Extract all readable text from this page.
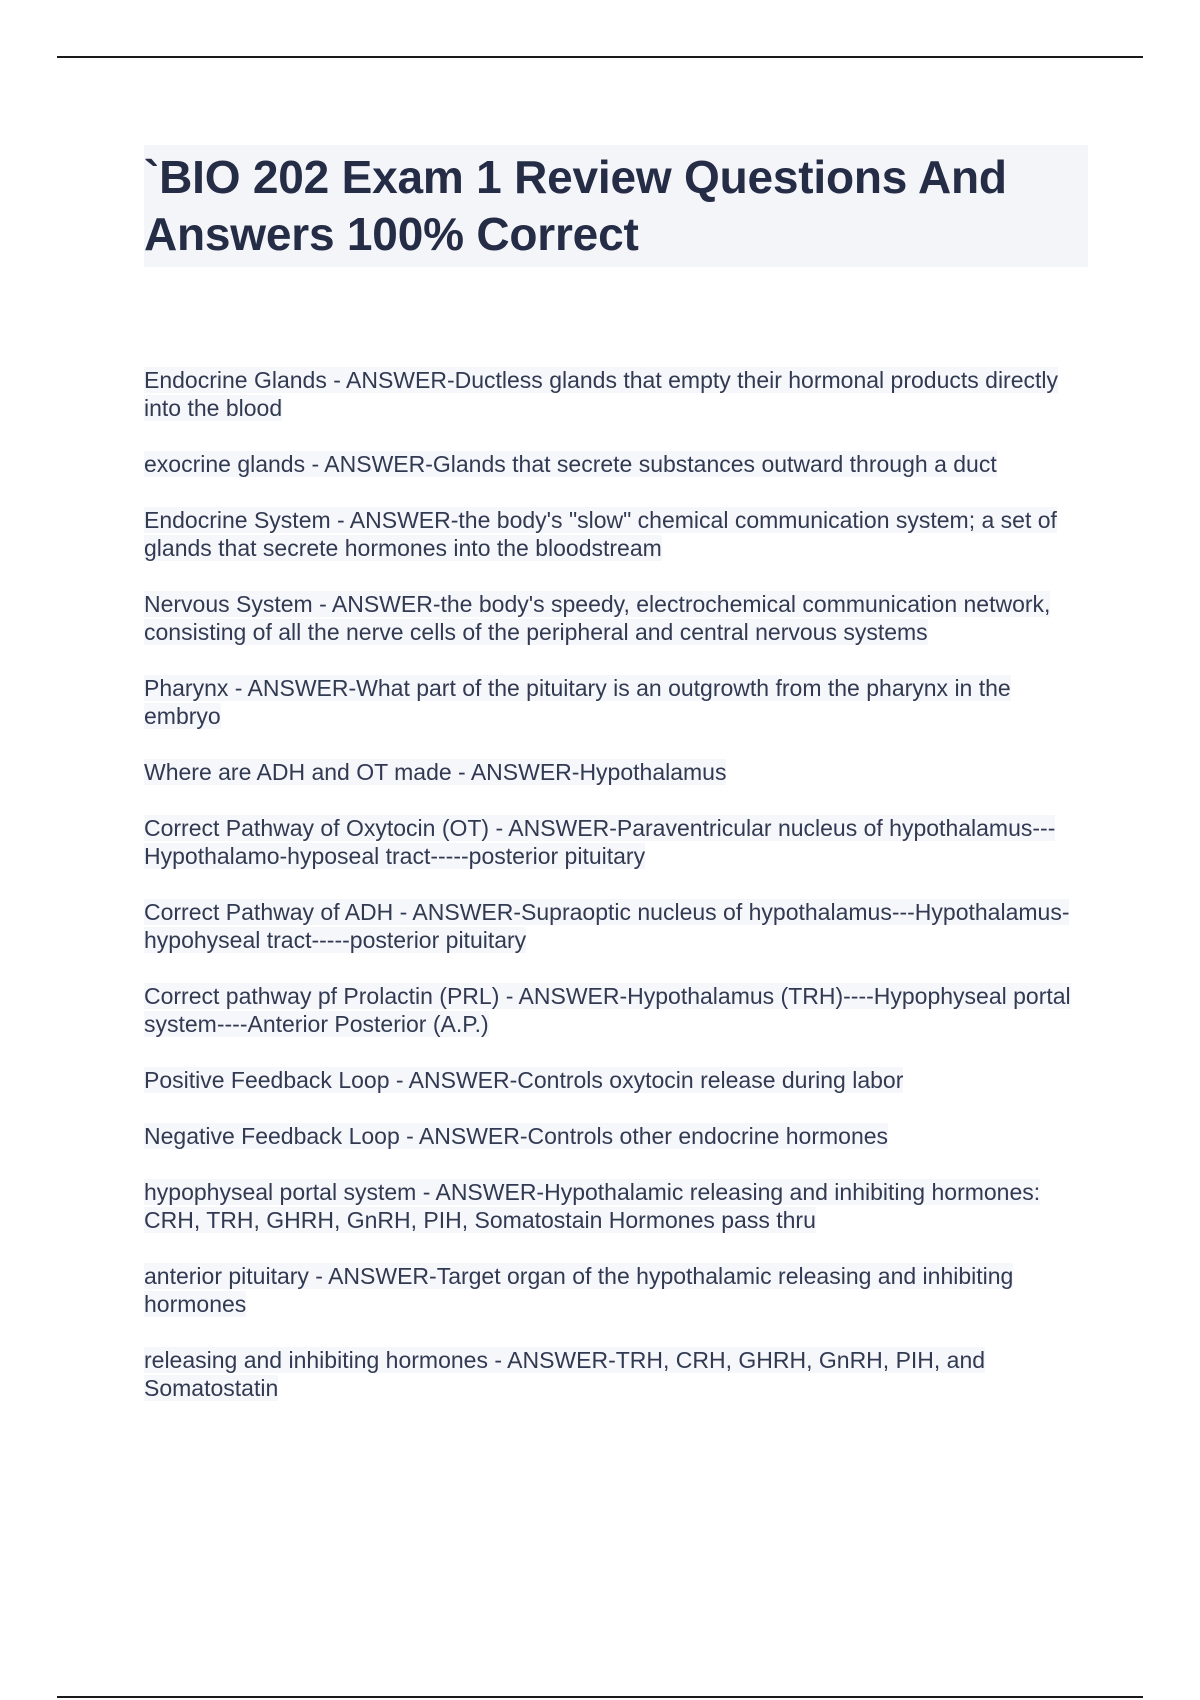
`BIO 202 Exam 1 Review Questions And Answers 100% Correct
Endocrine Glands - ANSWER-Ductless glands that empty their hormonal products directly into the blood
exocrine glands - ANSWER-Glands that secrete substances outward through a duct
Endocrine System - ANSWER-the body's "slow" chemical communication system; a set of glands that secrete hormones into the bloodstream
Nervous System - ANSWER-the body's speedy, electrochemical communication network, consisting of all the nerve cells of the peripheral and central nervous systems
Pharynx - ANSWER-What part of the pituitary is an outgrowth from the pharynx in the embryo
Where are ADH and OT made - ANSWER-Hypothalamus
Correct Pathway of Oxytocin (OT) - ANSWER-Paraventricular nucleus of hypothalamus---Hypothalamo-hyposeal tract-----posterior pituitary
Correct Pathway of ADH - ANSWER-Supraoptic nucleus of hypothalamus---Hypothalamus-hypohyseal tract-----posterior pituitary
Correct pathway pf Prolactin (PRL) - ANSWER-Hypothalamus (TRH)----Hypophyseal portal system----Anterior Posterior (A.P.)
Positive Feedback Loop - ANSWER-Controls oxytocin release during labor
Negative Feedback Loop - ANSWER-Controls other endocrine hormones
hypophyseal portal system - ANSWER-Hypothalamic releasing and inhibiting hormones: CRH, TRH, GHRH, GnRH, PIH, Somatostain Hormones pass thru
anterior pituitary - ANSWER-Target organ of the hypothalamic releasing and inhibiting hormones
releasing and inhibiting hormones - ANSWER-TRH, CRH, GHRH, GnRH, PIH, and Somatostatin
